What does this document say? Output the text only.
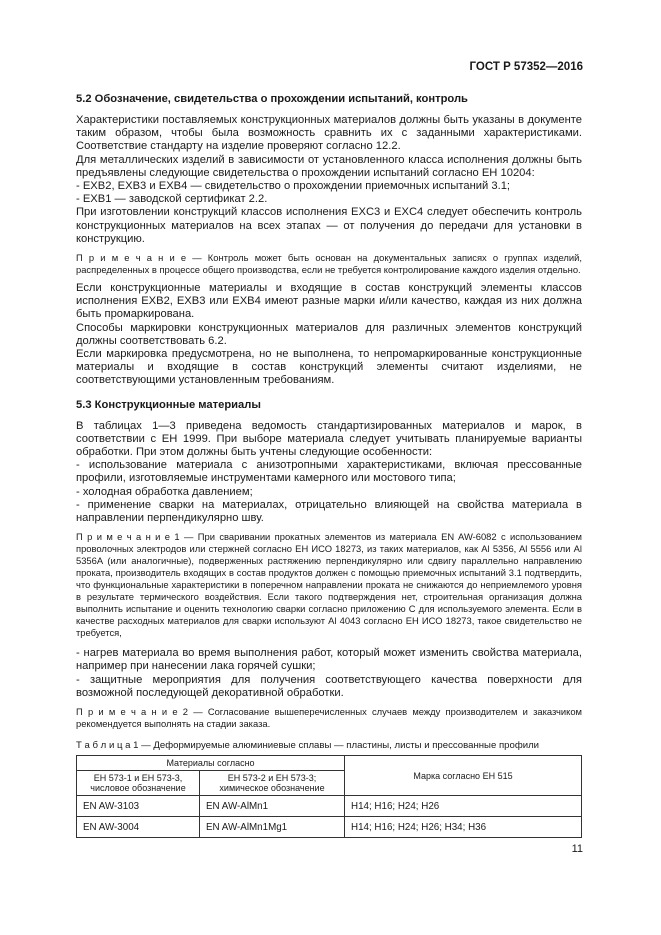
ГОСТ Р 57352—2016
5.2 Обозначение, свидетельства о прохождении испытаний, контроль

Характеристики поставляемых конструкционных материалов должны быть указаны в документе таким образом, чтобы была возможность сравнить их с заданными характеристиками. Соответствие стандарту на изделие проверяют согласно 12.2.

Для металлических изделий в зависимости от установленного класса исполнения должны быть предъявлены следующие свидетельства о прохождении испытаний согласно ЕН 10204:

- EXB2, EXB3 и EXB4 — свидетельство о прохождении приемочных испытаний 3.1;

- EXB1 — заводской сертификат 2.2.

При изготовлении конструкций классов исполнения EXC3 и EXC4 следует обеспечить контроль конструкционных материалов на всех этапах — от получения до передачи для установки в конструкцию.

П р и м е ч а н и е — Контроль может быть основан на документальных записях о группах изделий, распределенных в процессе общего производства, если не требуется контролирование каждого изделия отдельно.

Если конструкционные материалы и входящие в состав конструкций элементы классов исполнения EXB2, EXB3 или EXB4 имеют разные марки и/или качество, каждая из них должна быть промаркирована.

Способы маркировки конструкционных материалов для различных элементов конструкций должны соответствовать 6.2.

Если маркировка предусмотрена, но не выполнена, то непромаркированные конструкционные материалы и входящие в состав конструкций элементы считают изделиями, не соответствующими установленным требованиям.

5.3 Конструкционные материалы

В таблицах 1—3 приведена ведомость стандартизированных материалов и марок, в соответствии с ЕН 1999. При выборе материала следует учитывать планируемые варианты обработки. При этом должны быть учтены следующие особенности:

- использование материала с анизотропными характеристиками, включая прессованные профили, изготовляемые инструментами камерного или мостового типа;

- холодная обработка давлением;

- применение сварки на материалах, отрицательно влияющей на свойства материала в направлении перпендикулярно шву.

П р и м е ч а н и е 1 — При сваривании прокатных элементов из материала EN AW-6082 с использованием проволочных электродов или стержней согласно ЕН ИСО 18273, из таких материалов, как Al 5356, Al 5556 или Al 5356A (или аналогичные), подверженных растяжению перпендикулярно или сдвигу параллельно направлению проката, производитель входящих в состав продуктов должен с помощью приемочных испытаний 3.1 подтвердить, что функциональные характеристики в поперечном направлении проката не снижаются до неприемлемого уровня в результате термического воздействия. Если такого подтверждения нет, строительная организация должна выполнить испытание и оценить технологию сварки согласно приложению С для используемого элемента. Если в качестве расходных материалов для сварки используют Al 4043 согласно ЕН ИСО 18273, такое свидетельство не требуется,

- нагрев материала во время выполнения работ, который может изменить свойства материала, например при нанесении лака горячей сушки;

- защитные мероприятия для получения соответствующего качества поверхности для возможной последующей декоративной обработки.

П р и м е ч а н и е 2 — Согласование вышеперечисленных случаев между производителем и заказчиком рекомендуется выполнять на стадии заказа.

Т а б л и ц а 1 — Деформируемые алюминиевые сплавы — пластины, листы и прессованные профили

Материалы согласно		Марка согласно ЕН 515
ЕН 573-1 и ЕН 573-3, числовое обозначение	ЕН 573-2 и ЕН 573-3; химическое обозначение	
EN AW-3103	EN AW-AlMn1	H14; H16; H24; H26
EN AW-3004	EN AW-AlMn1Mg1	H14; H16; H24; H26; H34; H36
11
